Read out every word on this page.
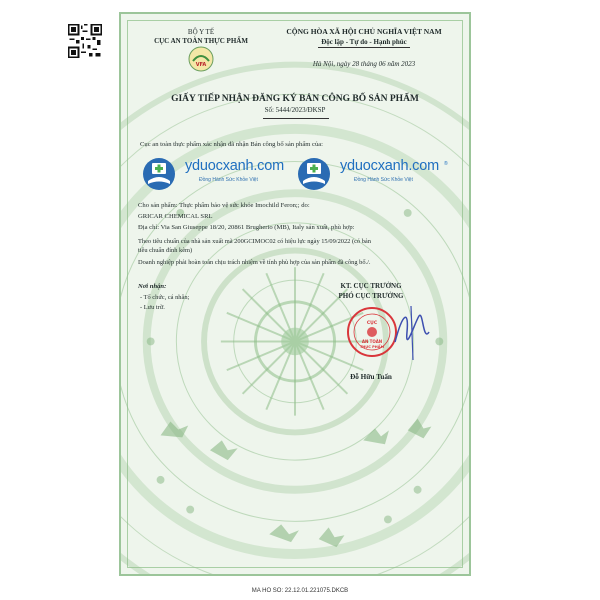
BỘ Y TẾ
CỤC AN TOÀN THỰC PHẨM
VFA
CỘNG HÒA XÃ HỘI CHỦ NGHĨA VIỆT NAM
Độc lập - Tự do - Hạnh phúc
Hà Nội, ngày 28 tháng 06 năm 2023
GIẤY TIẾP NHẬN ĐĂNG KÝ BẢN CÔNG BỐ SẢN PHẨM
Số: 5444/2023/ĐKSP
Cục an toàn thực phẩm xác nhận đã nhận Bản công bố sản phẩm của:
yduocxanh.com
Đồng Hành Sức Khỏe Việt
yduocxanh.com
Đồng Hành Sức Khỏe Việt
®
Cho sản phẩm: Thực phẩm bảo vệ sức khỏe Imochild Feron;; do:
GRICAR CHEMICAL SRL
Địa chỉ: Via San Giuseppe 18/20, 20861 Brugherio (MB), Italy sản xuất, phù hợp:
Theo tiêu chuẩn của nhà sản xuất mã 200GCIMOC02 có hiệu lực ngày 15/09/2022 (có bản
tiêu chuẩn đính kèm)
Doanh nghiệp phải hoàn toàn chịu trách nhiệm về tính phù hợp của sản phẩm đã công bố./.
Nơi nhận:
- Tổ chức, cá nhân;
- Lưu trữ.
KT. CỤC TRƯỞNG
PHÓ CỤC TRƯỞNG
CỤC
AN TOÀN
THỰC PHẨM
Đỗ Hữu Tuấn
MA HO SO: 22.12.01.221075.DKCB
